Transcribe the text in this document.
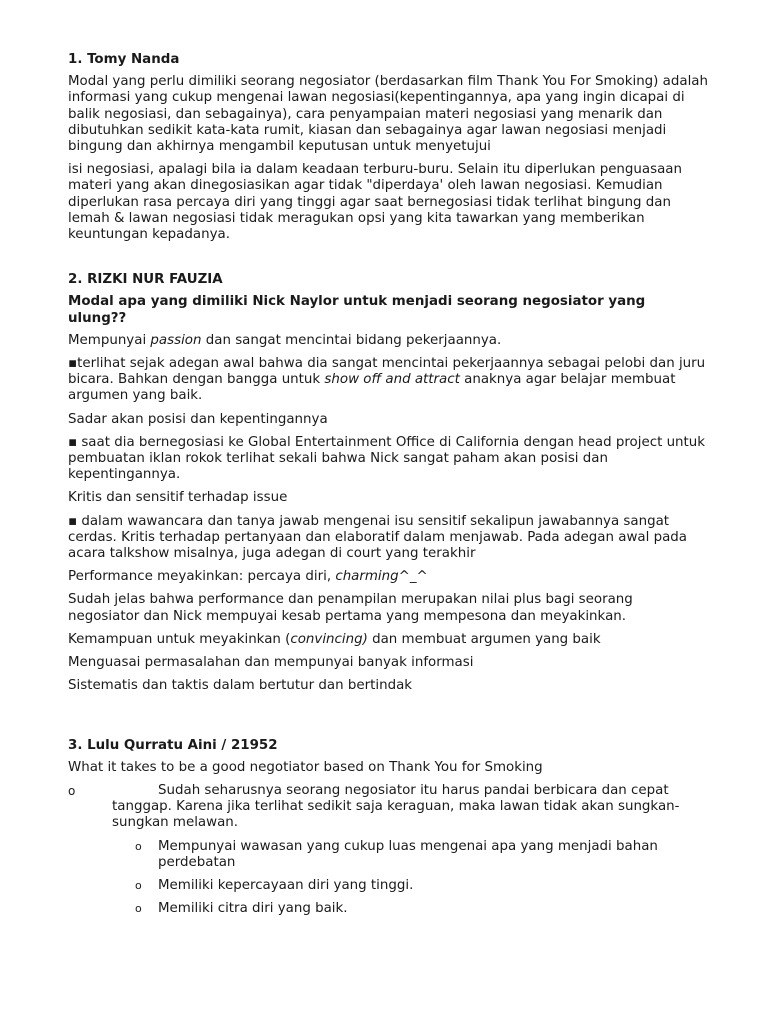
1. Tomy Nanda

Modal yang perlu dimiliki seorang negosiator (berdasarkan film Thank You For Smoking) adalah informasi yang cukup mengenai lawan negosiasi(kepentingannya, apa yang ingin dicapai di balik negosiasi, dan sebagainya), cara penyampaian materi negosiasi yang menarik dan dibutuhkan sedikit kata-kata rumit, kiasan dan sebagainya agar lawan negosiasi menjadi bingung dan akhirnya mengambil keputusan untuk menyetujui

isi negosiasi, apalagi bila ia dalam keadaan terburu-buru. Selain itu diperlukan penguasaan materi yang akan dinegosiasikan agar tidak "diperdaya' oleh lawan negosiasi. Kemudian diperlukan rasa percaya diri yang tinggi agar saat bernegosiasi tidak terlihat bingung dan lemah & lawan negosiasi tidak meragukan opsi yang kita tawarkan yang memberikan keuntungan kepadanya.

2. RIZKI NUR FAUZIA

Modal apa yang dimiliki Nick Naylor untuk menjadi seorang negosiator yang ulung??

Mempunyai passion dan sangat mencintai bidang pekerjaannya.

▪terlihat sejak adegan awal bahwa dia sangat mencintai pekerjaannya sebagai pelobi dan juru bicara. Bahkan dengan bangga untuk show off and attract anaknya agar belajar membuat argumen yang baik.

Sadar akan posisi dan kepentingannya

▪ saat dia bernegosiasi ke Global Entertainment Office di California dengan head project untuk pembuatan iklan rokok terlihat sekali bahwa Nick sangat paham akan posisi dan kepentingannya.

Kritis dan sensitif terhadap issue

▪ dalam wawancara dan tanya jawab mengenai isu sensitif sekalipun jawabannya sangat cerdas. Kritis terhadap pertanyaan dan elaboratif dalam menjawab. Pada adegan awal pada acara talkshow misalnya, juga adegan di court yang terakhir

Performance meyakinkan: percaya diri, charming^_^

Sudah jelas bahwa performance dan penampilan merupakan nilai plus bagi seorang negosiator dan Nick mempuyai kesab pertama yang mempesona dan meyakinkan.

Kemampuan untuk meyakinkan (convincing) dan membuat argumen yang baik

Menguasai permasalahan dan mempunyai banyak informasi

Sistematis dan taktis dalam bertutur dan bertindak

3. Lulu Qurratu Aini / 21952

What it takes to be a good negotiator based on Thank You for Smoking

o	Sudah seharusnya seorang negosiator itu harus pandai berbicara dan cepat tanggap. Karena jika terlihat sedikit saja keraguan, maka lawan tidak akan sungkan-sungkan melawan.
o Mempunyai wawasan yang cukup luas mengenai apa yang menjadi bahan perdebatan
o Memiliki kepercayaan diri yang tinggi.
o Memiliki citra diri yang baik.
